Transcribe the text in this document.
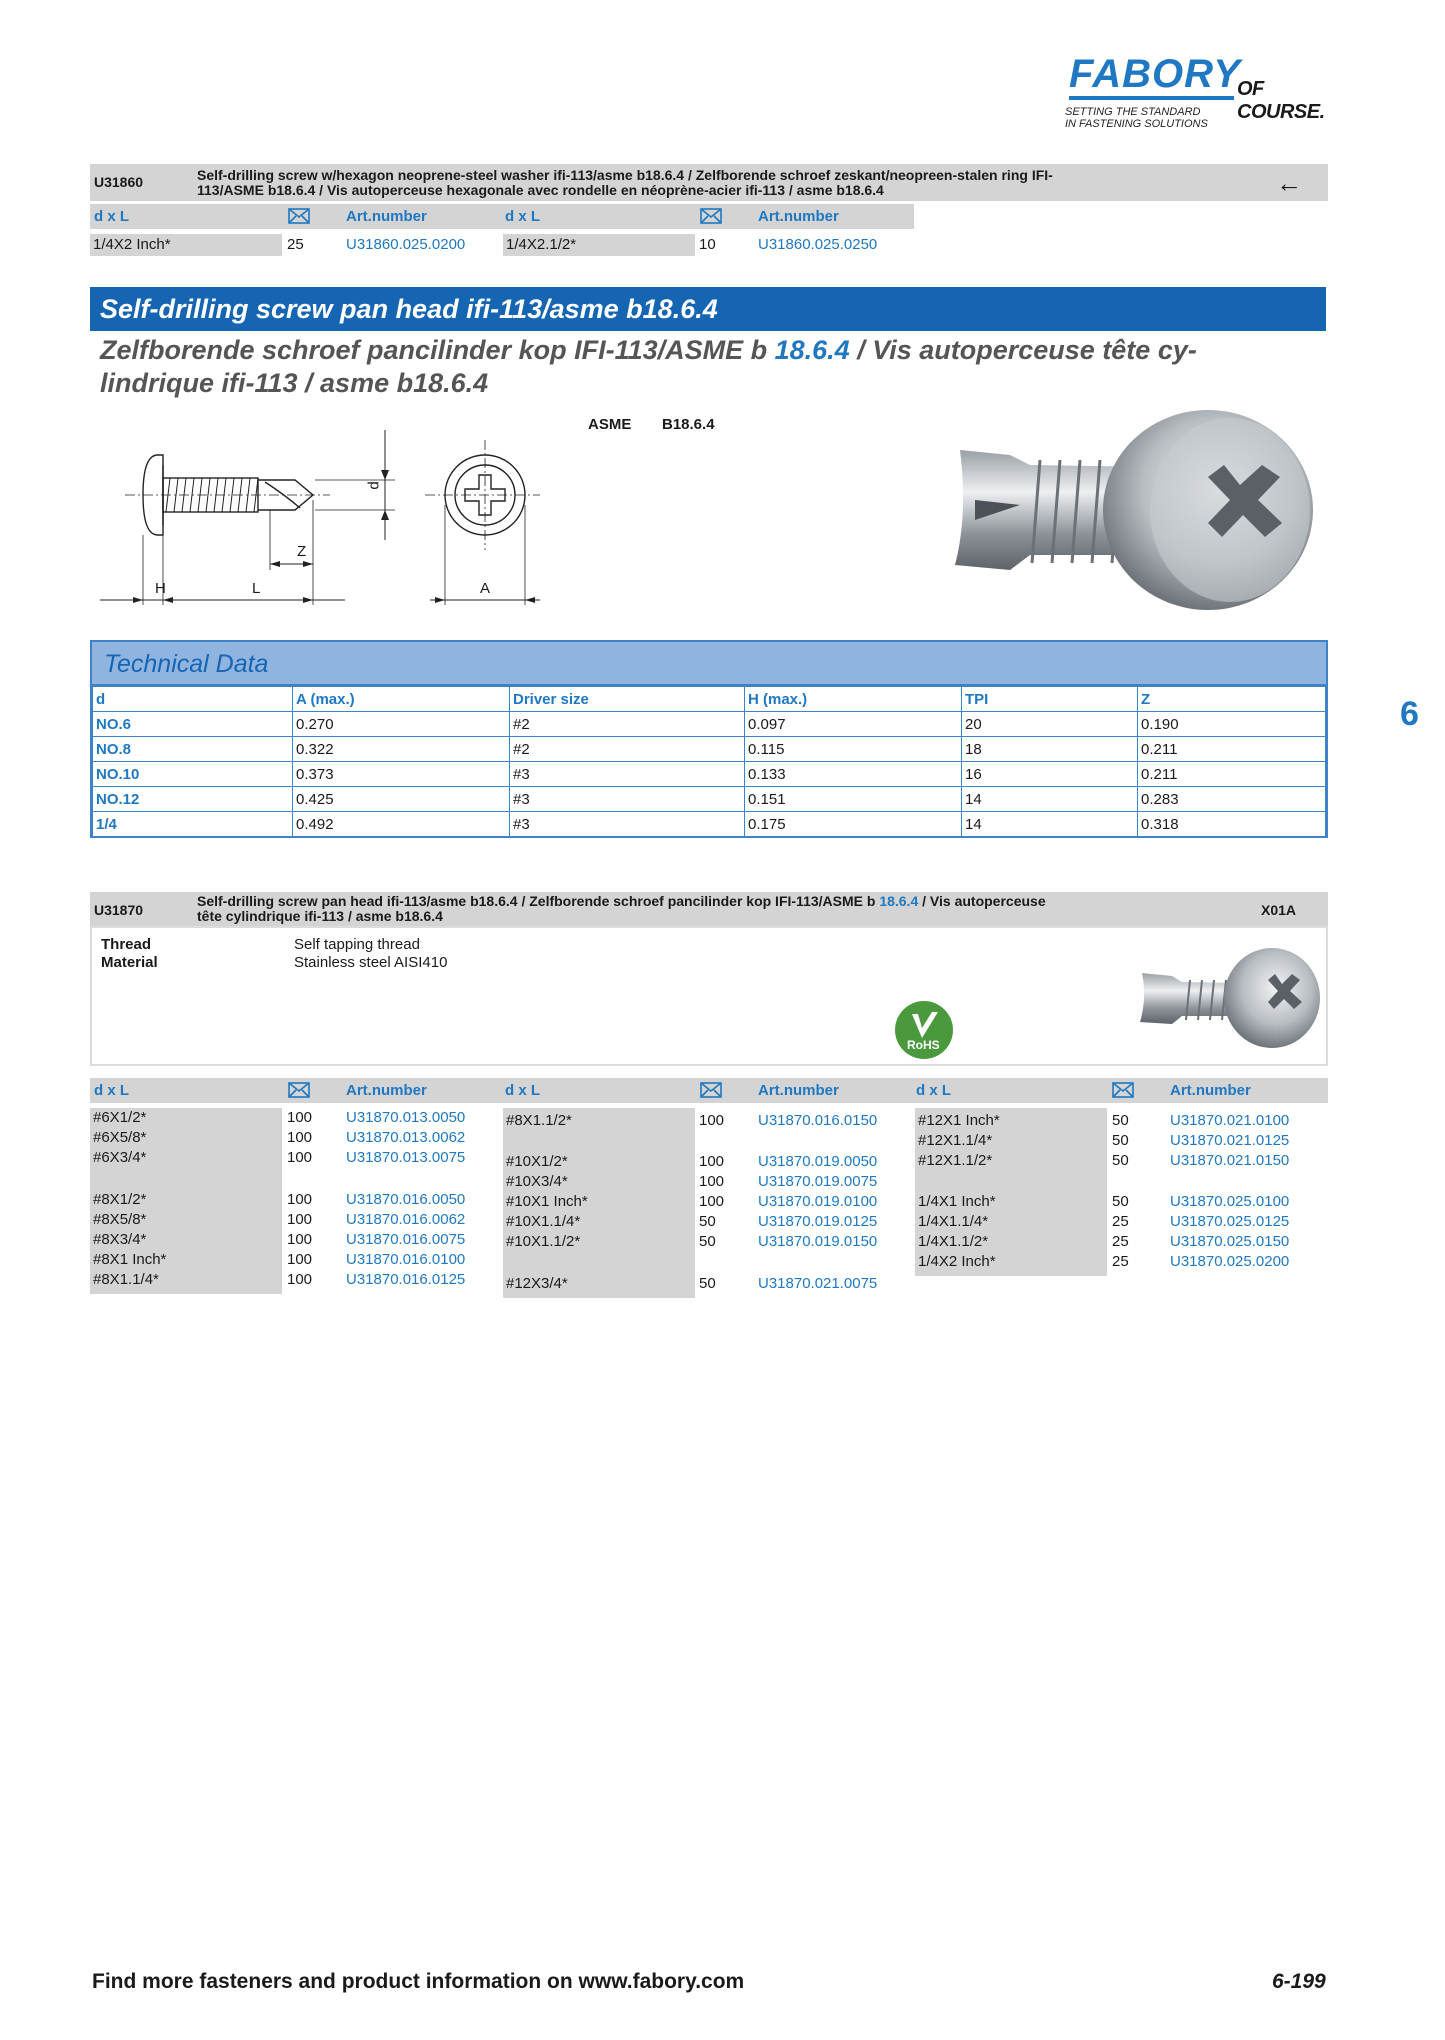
FABORY
OF COURSE.
SETTING THE STANDARD
IN FASTENING SOLUTIONS
U31860	Self-drilling screw w/hexagon neoprene-steel washer ifi-113/asme b18.6.4 / Zelfborende schroef zeskant/neopreen-stalen ring IFI-
113/ASME b18.6.4 / Vis autoperceuse hexagonale avec rondelle en néoprène-acier ifi-113 / asme b18.6.4	←
d x L	Art.number	d x L	Art.number
1/4X2 Inch*	25	U31860.025.0200	1/4X2.1/2*	10	U31860.025.0250
Self-drilling screw pan head ifi-113/asme b18.6.4
Zelfborende schroef pancilinder kop IFI-113/ASME b 18.6.4 / Vis autoperceuse tête cy-
lindrique ifi-113 / asme b18.6.4
ASME B18.6.4
d
Z
H	L	A
Technical Data
d	A (max.)	Driver size	H (max.)	TPI	Z
NO.6	0.270	#2	0.097	20	0.190
NO.8	0.322	#2	0.115	18	0.211
NO.10	0.373	#3	0.133	16	0.211
NO.12	0.425	#3	0.151	14	0.283
1/4	0.492	#3	0.175	14	0.318
6
U31870
Self-drilling screw pan head ifi-113/asme b18.6.4 / Zelfborende schroef pancilinder kop IFI-113/ASME b 18.6.4 / Vis autoperceuse
tête cylindrique ifi-113 / asme b18.6.4	X01A
Thread	Self tapping thread
Material	Stainless steel AISI410
RoHS
d x L	Art.number	d x L	Art.number	d x L	Art.number
#6X1/2*	100 U31870.013.0050
#6X5/8*	100 U31870.013.0062
#6X3/4*	100 U31870.013.0075
#8X1/2*	100 U31870.016.0050
#8X5/8*	100 U31870.016.0062
#8X3/4*	100 U31870.016.0075
#8X1 Inch*	100 U31870.016.0100
#8X1.1/4*	100 U31870.016.0125
#8X1.1/2*	100 U31870.016.0150
#10X1/2*	100 U31870.019.0050
#10X3/4*	100 U31870.019.0075
#10X1 Inch*	100 U31870.019.0100
#10X1.1/4*	50	U31870.019.0125
#10X1.1/2*	50	U31870.019.0150
#12X3/4*	50	U31870.021.0075
#12X1 Inch*	50	U31870.021.0100
#12X1.1/4*	50	U31870.021.0125
#12X1.1/2*	50	U31870.021.0150
1/4X1 Inch*	50	U31870.025.0100
1/4X1.1/4*	25	U31870.025.0125
1/4X1.1/2*	25	U31870.025.0150
1/4X2 Inch*	25	U31870.025.0200
Find more fasteners and product information on www.fabory.com	6-199
